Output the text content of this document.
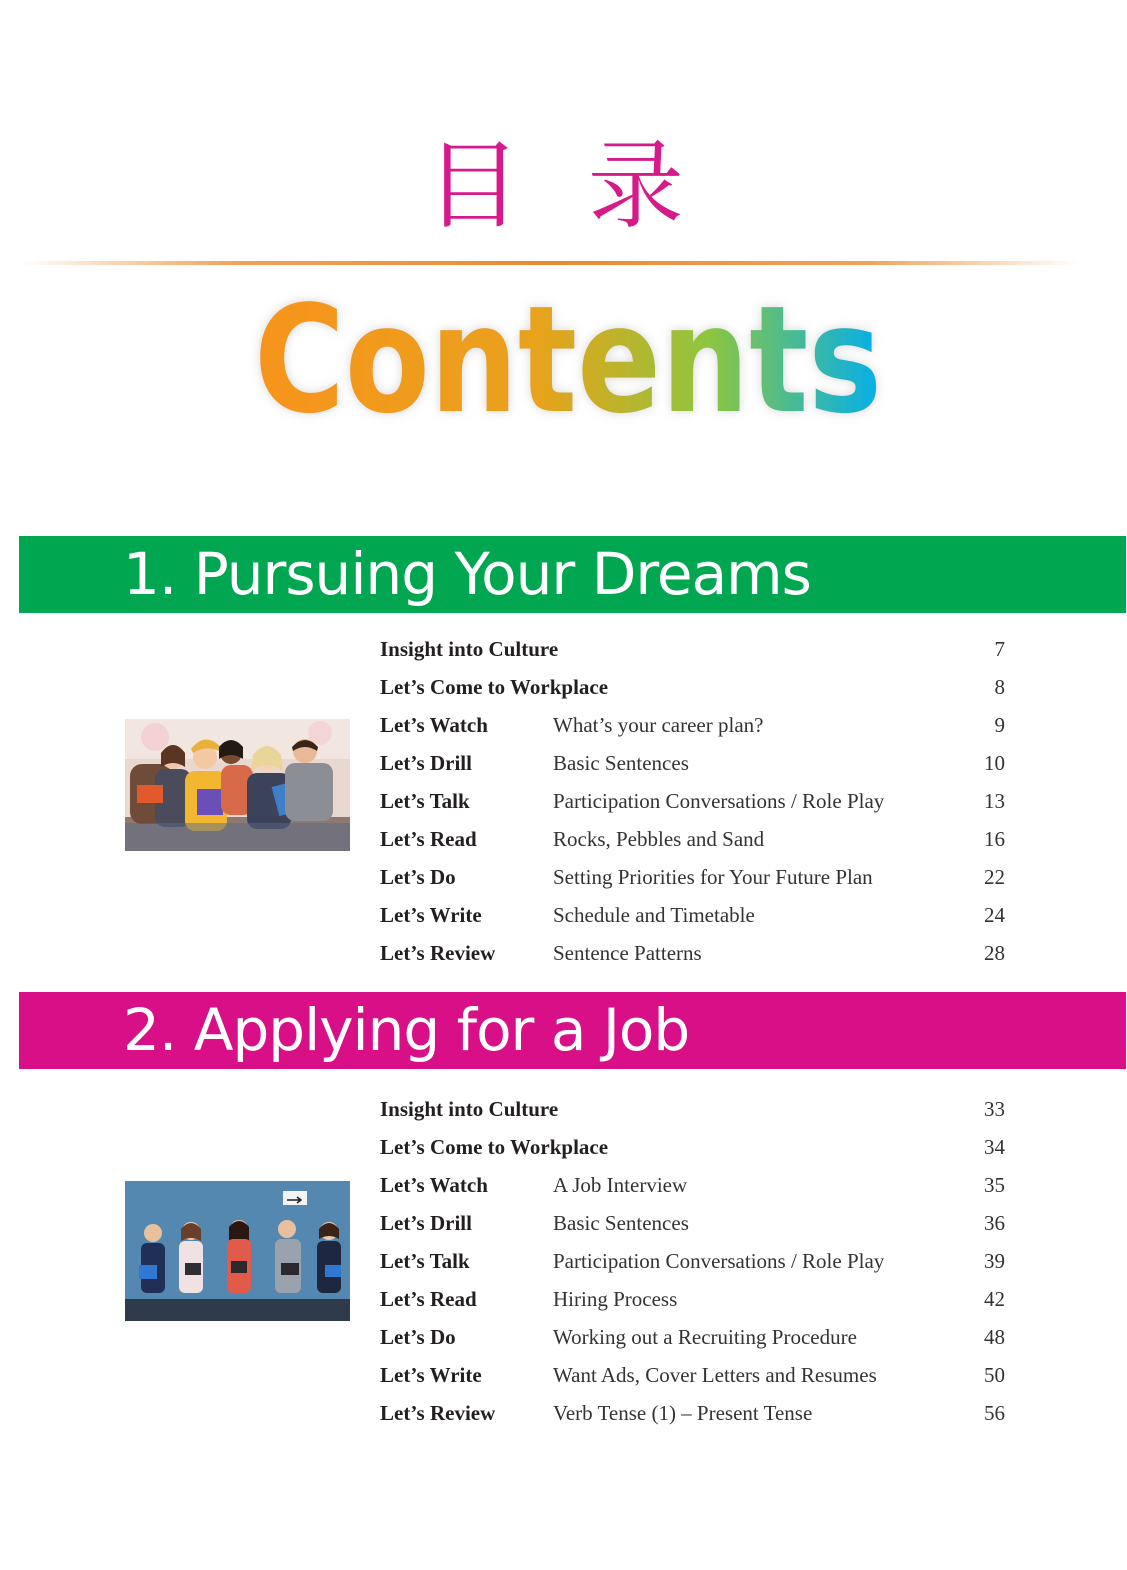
目 录
Contents
1. Pursuing Your Dreams
Insight into Culture	7
Let’s Come to Workplace	8
Let’s Watch	What’s your career plan?	9
Let’s Drill	Basic Sentences	10
Let’s Talk	Participation Conversations / Role Play	13
Let’s Read	Rocks, Pebbles and Sand	16
Let’s Do	Setting Priorities for Your Future Plan	22
Let’s Write	Schedule and Timetable	24
Let’s Review	Sentence Patterns	28
2. Applying for a Job
Insight into Culture	33
Let’s Come to Workplace	34
Let’s Watch	A Job Interview	35
Let’s Drill	Basic Sentences	36
Let’s Talk	Participation Conversations / Role Play	39
Let’s Read	Hiring Process	42
Let’s Do	Working out a Recruiting Procedure	48
Let’s Write	Want Ads, Cover Letters and Resumes	50
Let’s Review	Verb Tense (1) – Present Tense	56
